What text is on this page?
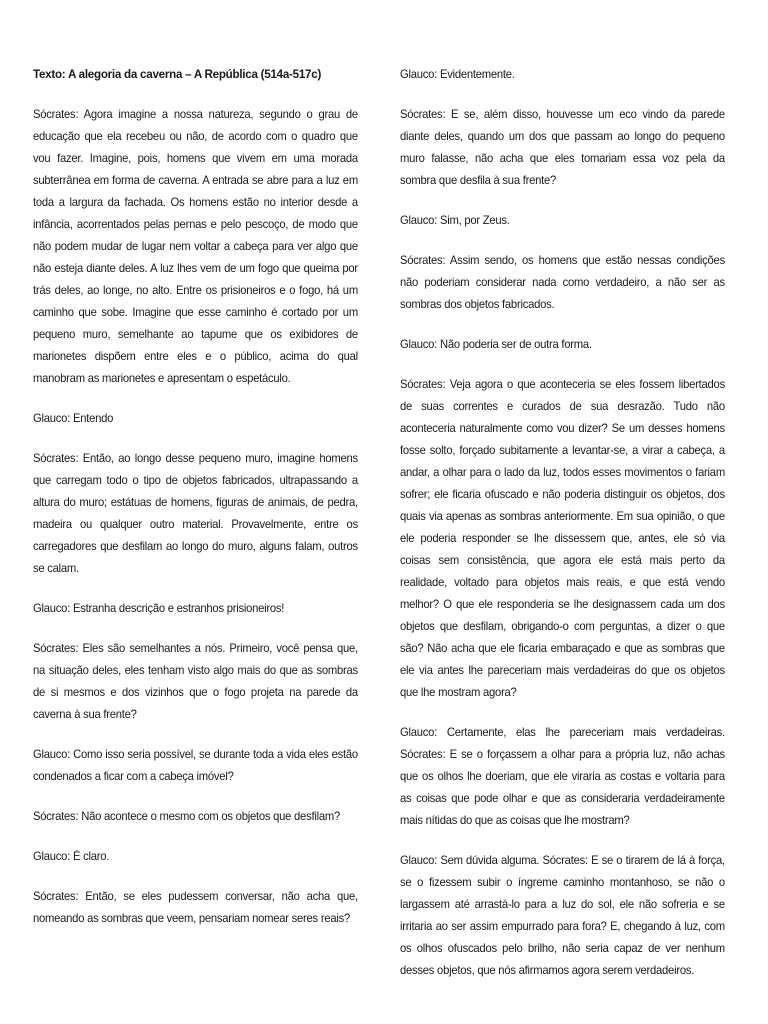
Texto: A alegoria da caverna – A República (514a-517c)

Sócrates: Agora imagine a nossa natureza, segundo o grau de educação que ela recebeu ou não, de acordo com o quadro que vou fazer. Imagine, pois, homens que vivem em uma morada subterrânea em forma de caverna. A entrada se abre para a luz em toda a largura da fachada. Os homens estão no interior desde a infância, acorrentados pelas pernas e pelo pescoço, de modo que não podem mudar de lugar nem voltar a cabeça para ver algo que não esteja diante deles. A luz lhes vem de um fogo que queima por trás deles, ao longe, no alto. Entre os prisioneiros e o fogo, há um caminho que sobe. Imagine que esse caminho é cortado por um pequeno muro, semelhante ao tapume que os exibidores de marionetes dispõem entre eles e o público, acima do qual manobram as marionetes e apresentam o espetáculo.

Glauco: Entendo

Sócrates: Então, ao longo desse pequeno muro, imagine homens que carregam todo o tipo de objetos fabricados, ultrapassando a altura do muro; estátuas de homens, figuras de animais, de pedra, madeira ou qualquer outro material. Provavelmente, entre os carregadores que desfilam ao longo do muro, alguns falam, outros se calam.

Glauco: Estranha descrição e estranhos prisioneiros!

Sócrates: Eles são semelhantes a nós. Primeiro, você pensa que, na situação deles, eles tenham visto algo mais do que as sombras de si mesmos e dos vizinhos que o fogo projeta na parede da caverna à sua frente?

Glauco: Como isso seria possível, se durante toda a vida eles estão condenados a ficar com a cabeça imóvel?

Sócrates: Não acontece o mesmo com os objetos que desfilam?

Glauco: É claro.

Sócrates: Então, se eles pudessem conversar, não acha que, nomeando as sombras que veem, pensariam nomear seres reais?

Glauco: Evidentemente.

Sócrates: E se, além disso, houvesse um eco vindo da parede diante deles, quando um dos que passam ao longo do pequeno muro falasse, não acha que eles tomariam essa voz pela da sombra que desfila à sua frente?

Glauco: Sim, por Zeus.

Sócrates: Assim sendo, os homens que estão nessas condições não poderiam considerar nada como verdadeiro, a não ser as sombras dos objetos fabricados.

Glauco: Não poderia ser de outra forma.

Sócrates: Veja agora o que aconteceria se eles fossem libertados de suas correntes e curados de sua desrazão. Tudo não aconteceria naturalmente como vou dizer? Se um desses homens fosse solto, forçado subitamente a levantar-se, a virar a cabeça, a andar, a olhar para o lado da luz, todos esses movimentos o fariam sofrer; ele ficaria ofuscado e não poderia distinguir os objetos, dos quais via apenas as sombras anteriormente. Em sua opinião, o que ele poderia responder se lhe dissessem que, antes, ele só via coisas sem consistência, que agora ele está mais perto da realidade, voltado para objetos mais reais, e que está vendo melhor? O que ele responderia se lhe designassem cada um dos objetos que desfilam, obrigando-o com perguntas, a dizer o que são? Não acha que ele ficaria embaraçado e que as sombras que ele via antes lhe pareceriam mais verdadeiras do que os objetos que lhe mostram agora?

Glauco: Certamente, elas lhe pareceriam mais verdadeiras. Sócrates: E se o forçassem a olhar para a própria luz, não achas que os olhos lhe doeriam, que ele viraria as costas e voltaria para as coisas que pode olhar e que as consideraria verdadeiramente mais nítidas do que as coisas que lhe mostram?

Glauco: Sem dúvida alguma. Sócrates: E se o tirarem de lá à força, se o fizessem subir o íngreme caminho montanhoso, se não o largassem até arrastá-lo para a luz do sol, ele não sofreria e se irritaria ao ser assim empurrado para fora? E, chegando à luz, com os olhos ofuscados pelo brilho, não seria capaz de ver nenhum desses objetos, que nós afirmamos agora serem verdadeiros.
